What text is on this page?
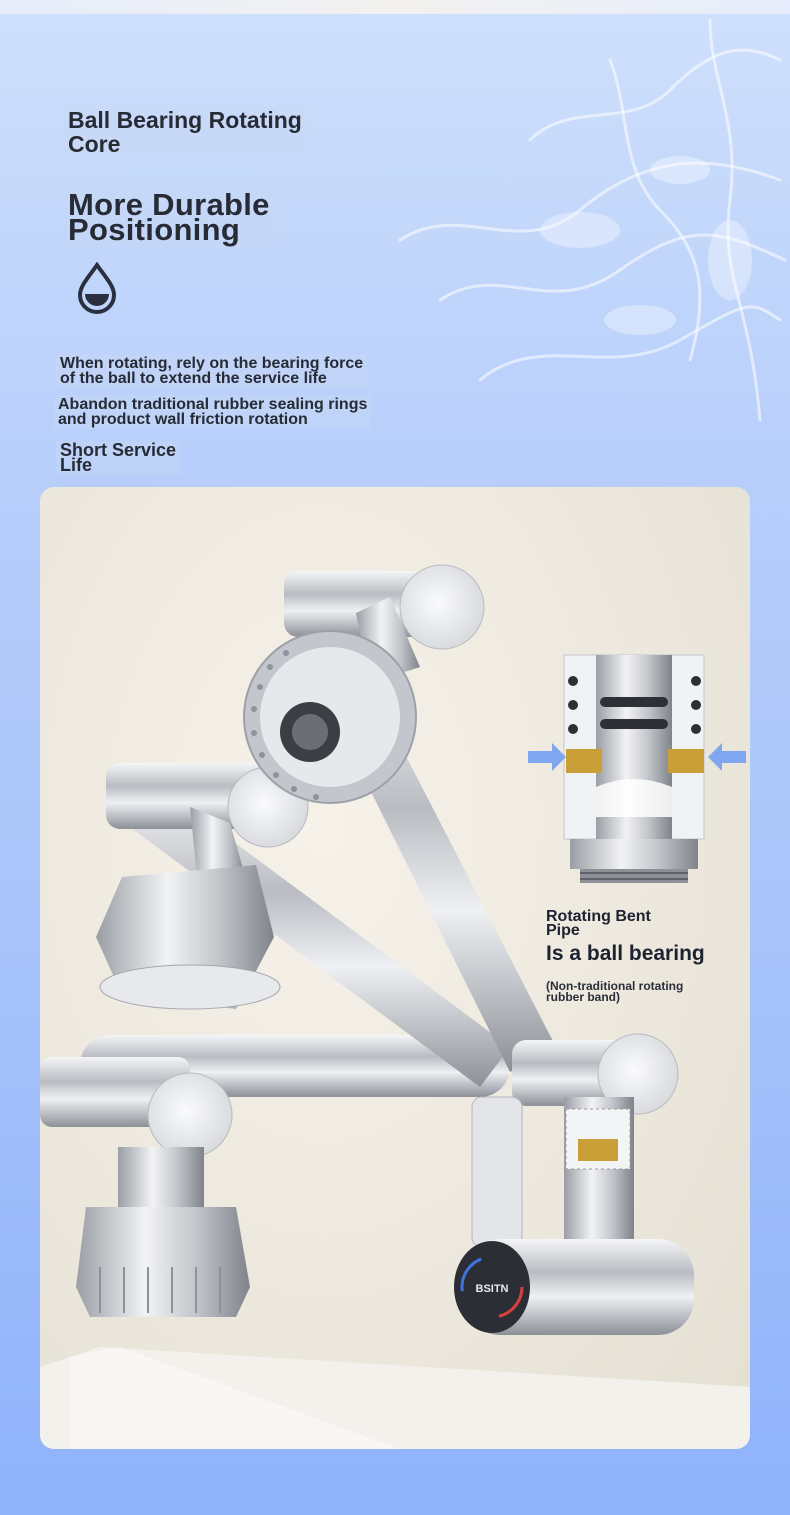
Ball Bearing Rotating
Core

More Durable
Positioning

When rotating, rely on the bearing force
of the ball to extend the service life

Abandon traditional rubber sealing rings
and product wall friction rotation

Short Service
Life

BSITN

Rotating Bent
Pipe

Is a ball bearing

(Non-traditional rotating
rubber band)
